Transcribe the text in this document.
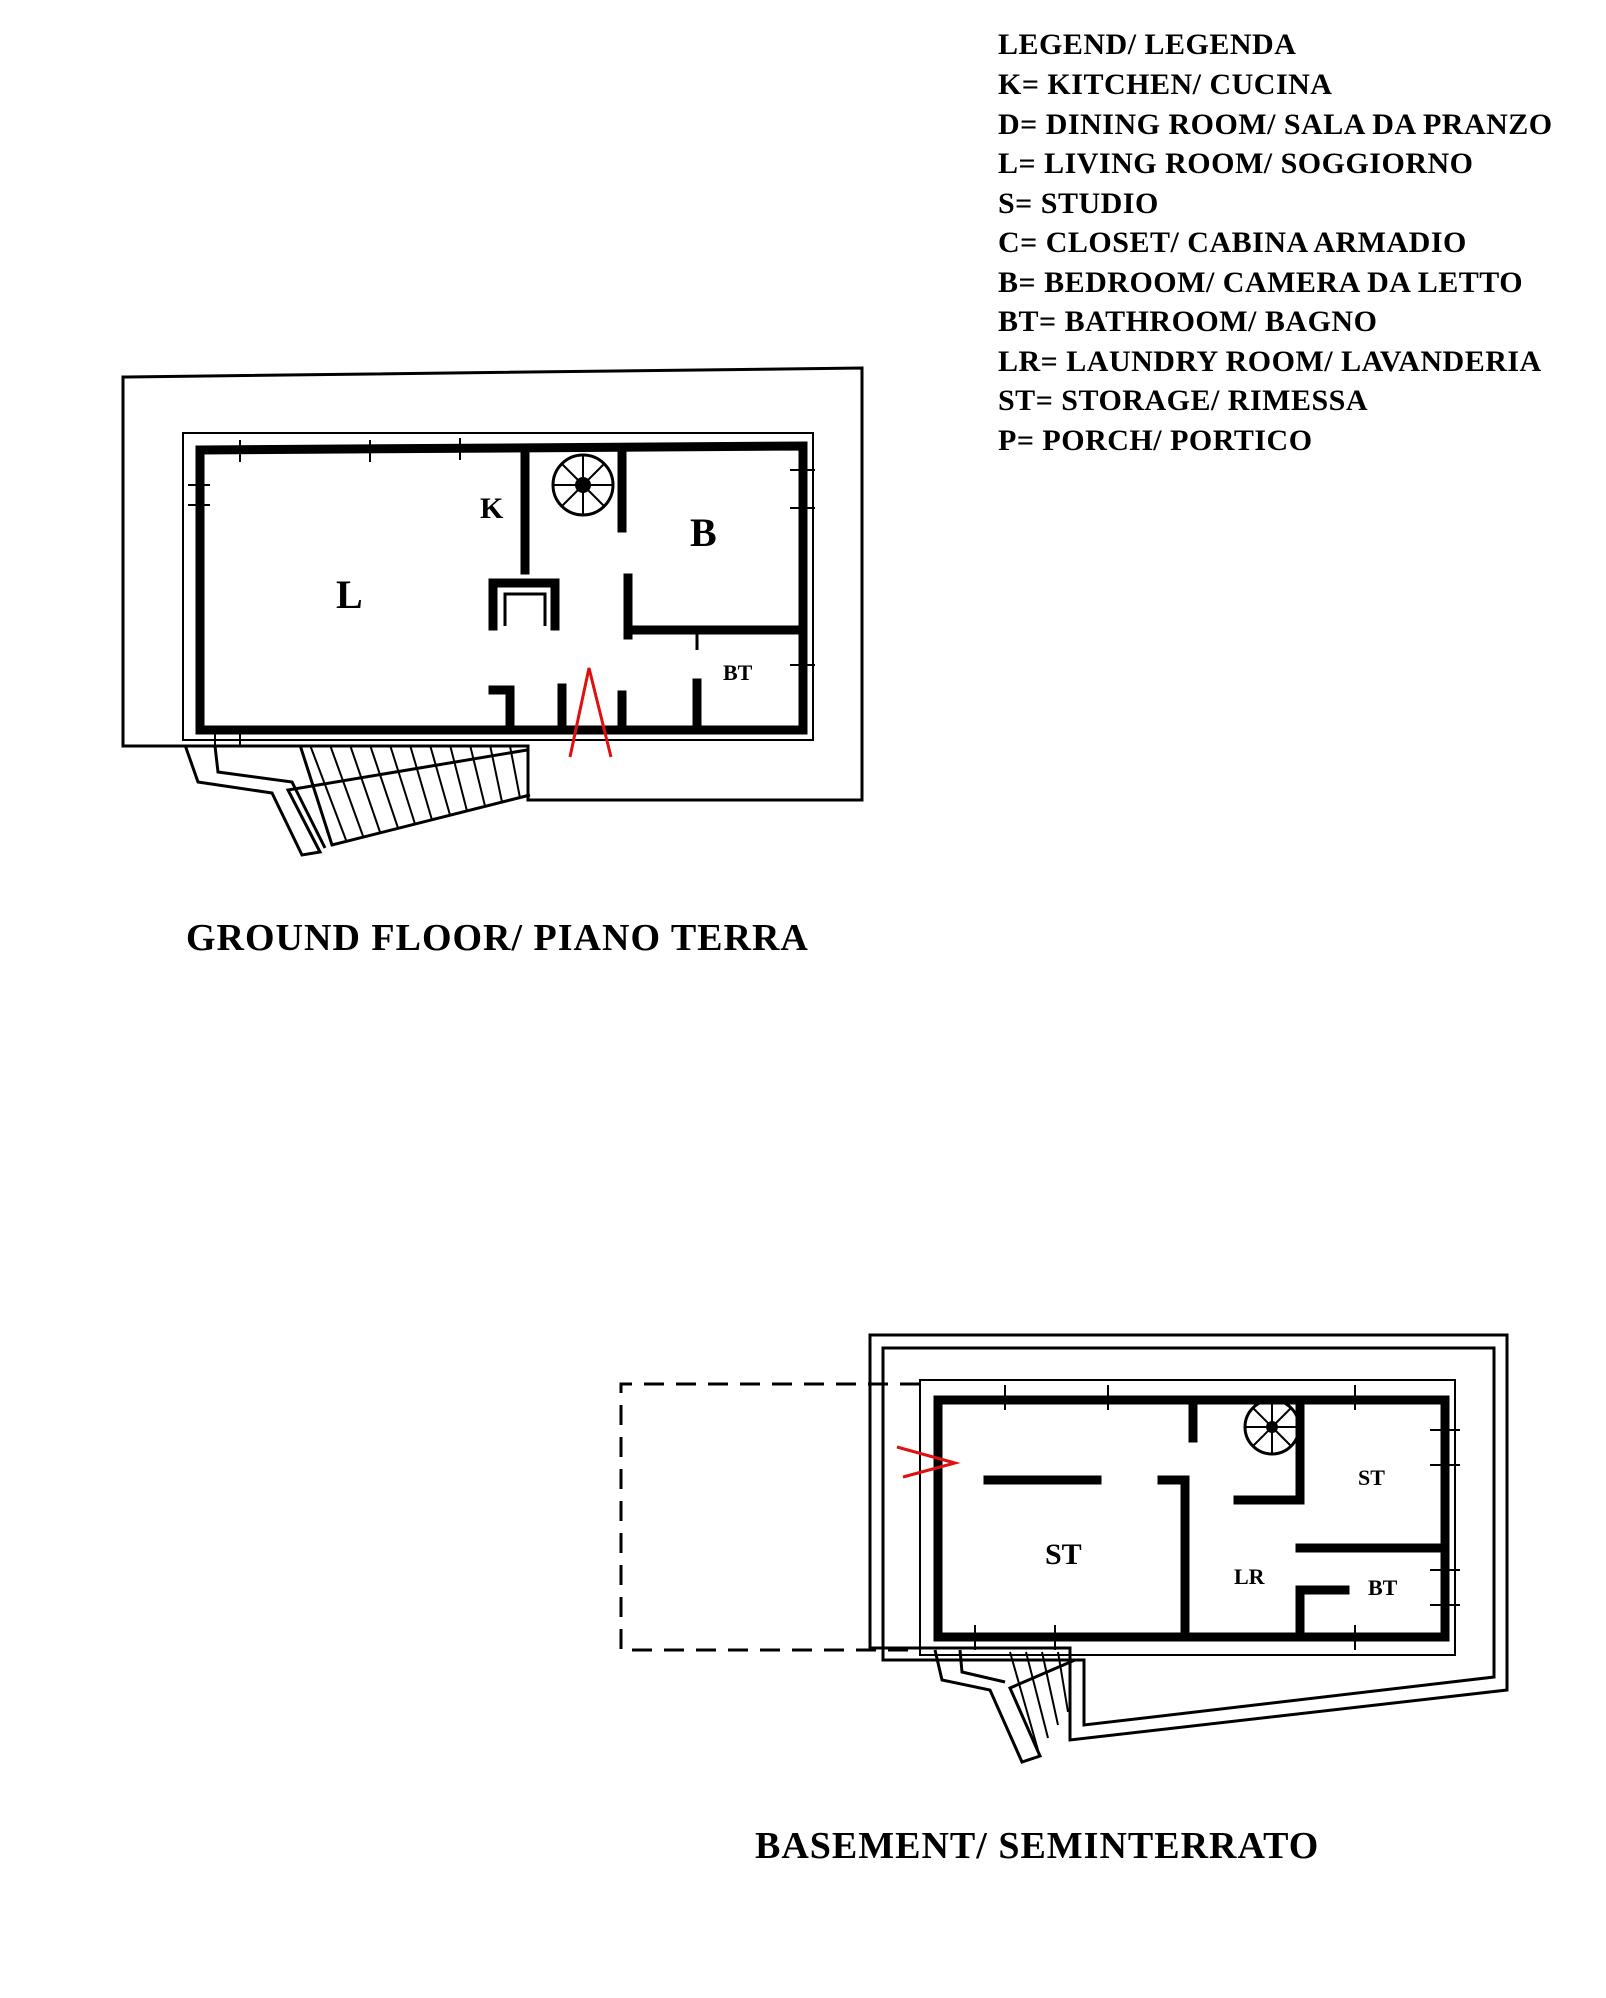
LEGEND/ LEGENDA
K= KITCHEN/ CUCINA
D= DINING ROOM/ SALA DA PRANZO
L= LIVING ROOM/ SOGGIORNO
S= STUDIO
C= CLOSET/ CABINA ARMADIO
B= BEDROOM/ CAMERA DA LETTO
BT= BATHROOM/ BAGNO
LR= LAUNDRY ROOM/ LAVANDERIA
ST= STORAGE/ RIMESSA
P= PORCH/ PORTICO
L
K
B
BT
GROUND FLOOR/ PIANO TERRA
ST
ST
LR	BT
BASEMENT/ SEMINTERRATO
